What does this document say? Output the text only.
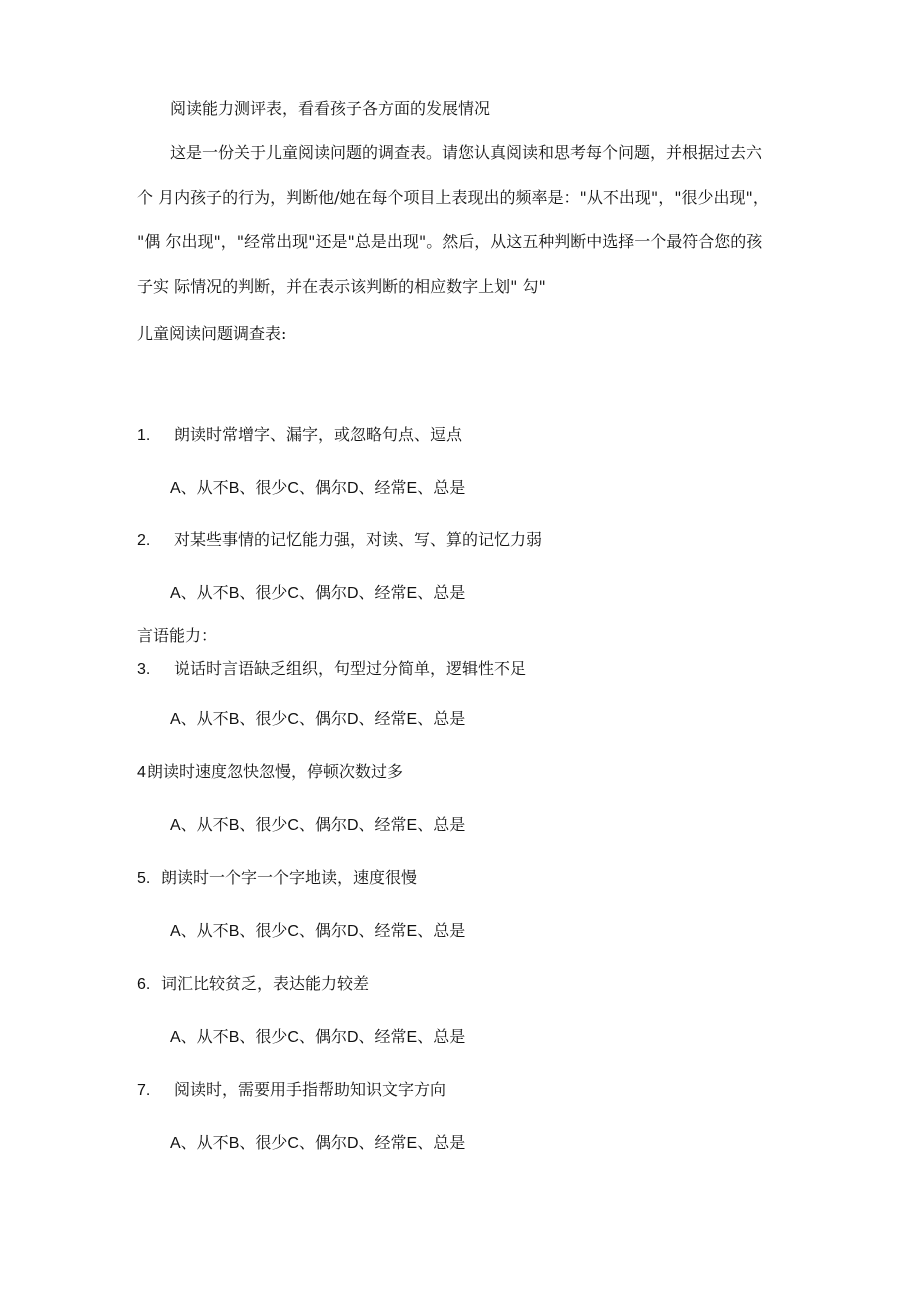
阅读能力测评表，看看孩子各方面的发展情况
这是一份关于儿童阅读问题的调查表。请您认真阅读和思考每个问题，并根据过去六
个 月内孩子的行为，判断他/她在每个项目上表现出的频率是："从不出现"，"很少出现"，
"偶 尔出现"，"经常出现"还是"总是出现"。然后，从这五种判断中选择一个最符合您的孩
子实 际情况的判断，并在表示该判断的相应数字上划" 勾"
儿童阅读问题调查表:
1. 朗读时常增字、漏字，或忽略句点、逗点
A、从不B、很少C、偶尔D、经常E、总是
2. 对某些事情的记忆能力强，对读、写、算的记忆力弱
A、从不B、很少C、偶尔D、经常E、总是
言语能力：
3. 说话时言语缺乏组织，句型过分简单，逻辑性不足
A、从不B、很少C、偶尔D、经常E、总是
4朗读时速度忽快忽慢，停顿次数过多
A、从不B、很少C、偶尔D、经常E、总是
5. 朗读时一个字一个字地读，速度很慢
A、从不B、很少C、偶尔D、经常E、总是
6. 词汇比较贫乏，表达能力较差
A、从不B、很少C、偶尔D、经常E、总是
7. 阅读时，需要用手指帮助知识文字方向
A、从不B、很少C、偶尔D、经常E、总是
